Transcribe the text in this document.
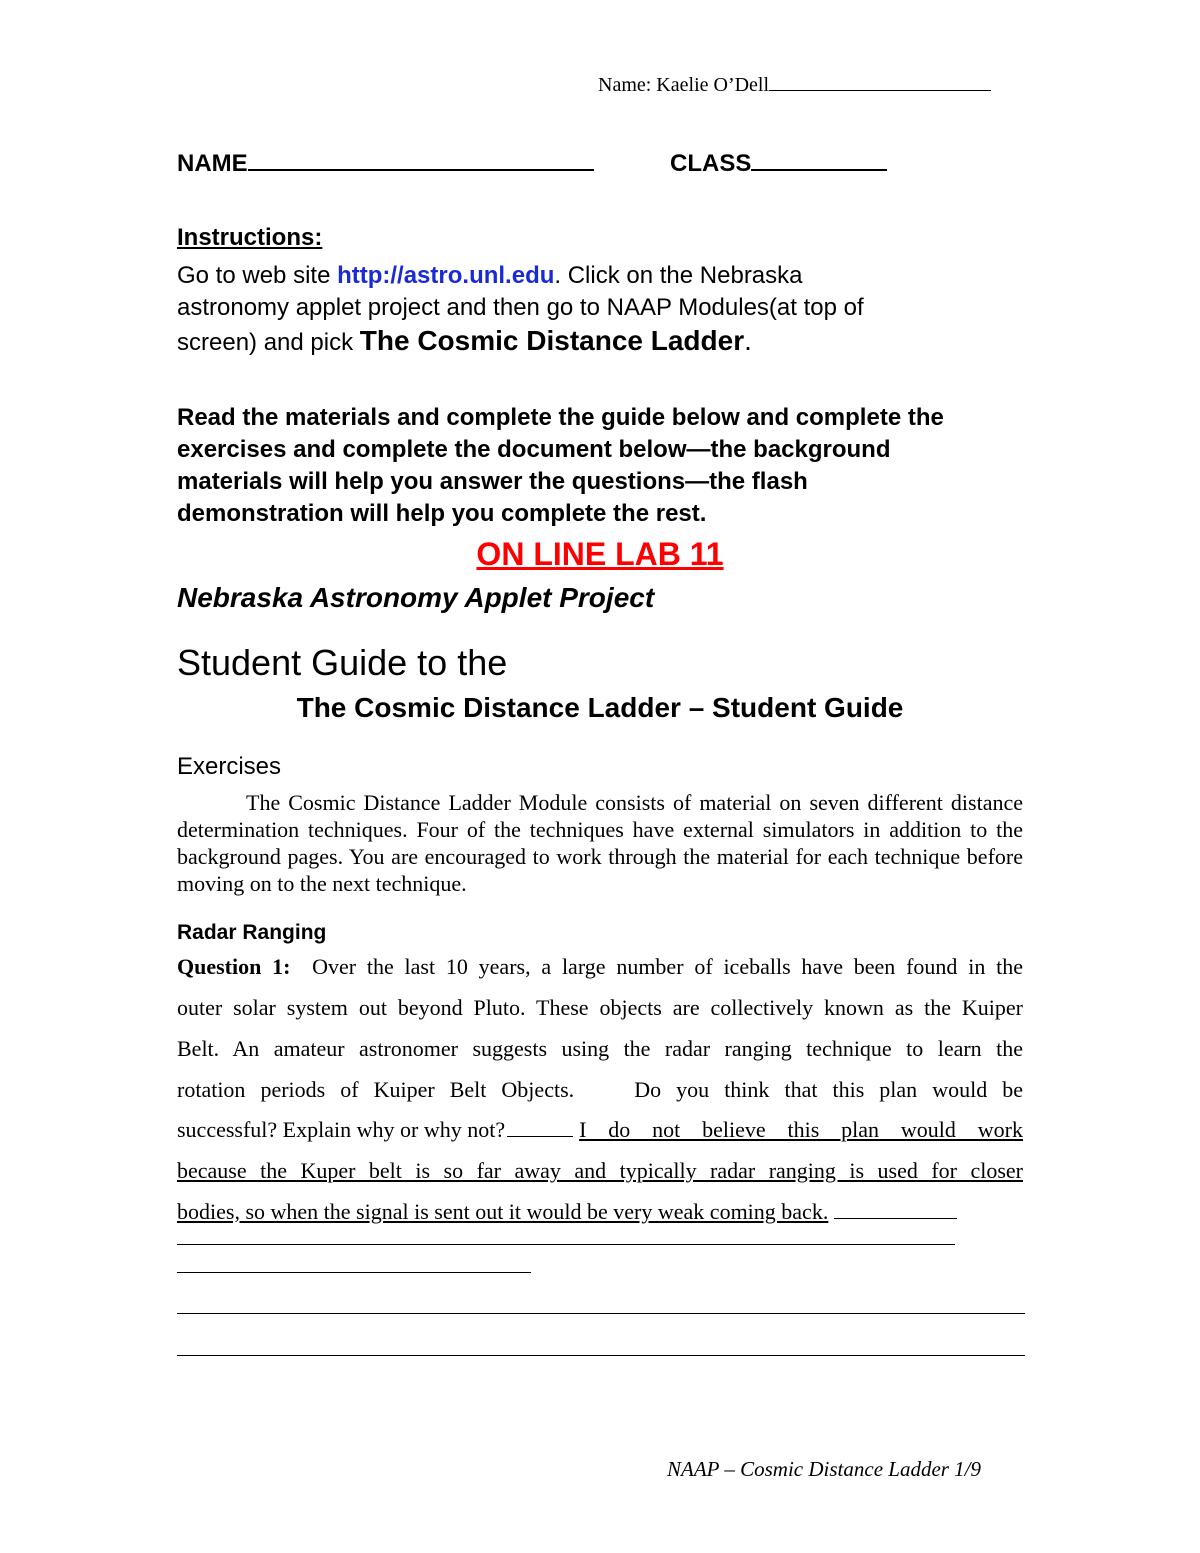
Name: Kaelie O’Dell
NAME	CLASS
Instructions:
Go to web site http://astro.unl.edu. Click on the Nebraska
astronomy applet project and then go to NAAP Modules(at top of
screen) and pick The Cosmic Distance Ladder.
Read the materials and complete the guide below and complete the
exercises and complete the document below—the background
materials will help you answer the questions—the flash
demonstration will help you complete the rest.
ON LINE LAB 11
Nebraska Astronomy Applet Project
Student Guide to the
The Cosmic Distance Ladder – Student Guide
Exercises
The Cosmic Distance Ladder Module consists of material on seven different distance determination techniques. Four of the techniques have external simulators in addition to the background pages. You are encouraged to work through the material for each technique before moving on to the next technique.
Radar Ranging
Question 1: Over the last 10 years, a large number of iceballs have been found in the
outer solar system out beyond Pluto. These objects are collectively known as the Kuiper
Belt. An amateur astronomer suggests using the radar ranging technique to learn the
rotation periods of Kuiper Belt Objects.    Do you think that this plan would be
successful? Explain why or why not?	I do not believe this plan would work
because the Kuper belt is so far away and typically radar ranging is used for closer
bodies, so when the signal is sent out it would be very weak coming back.
NAAP – Cosmic Distance Ladder 1/9
